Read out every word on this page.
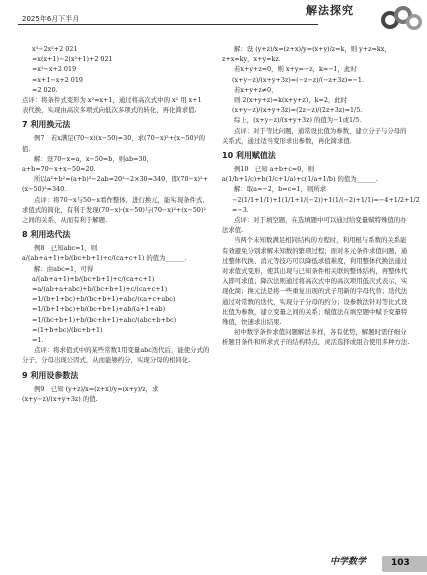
2025年6月下半月
解法探究

x³−2x²+2 021

=x(x+1)−2(x²+1)+2 021

=x²−x+2 019

=x+1−x+2 019

=2 020.

点评：将条件式变形为 x²=x+1，通过将高次式中的 x² 用 x+1 表代换，实现由高次多项式向低次多项式的转化，再化简求值.

7 利用换元法

例7　若x满足(70−x)(x−50)=30，求(70−x)²+(x−50)²的值.

解：设70−x=a，x−50=b，则ab=30，a+b=70−x+x−50=20.

所以a²+b²=(a+b)²−2ab=20²−2×30=340，即(70−x)²+(x−50)²=340.

点评：将70−x与50−x看作整体，进行换元，能实现条件式、求值式的简化，有利于发现(70−x)·(x−50)与(70−x)²+(x−50)²之间的关系，从而有利于解题.

8 利用迭代法

例8　已知abc=1，则 a/(ab+a+1)+b/(bc+b+1)+c/(ca+c+1) 的值为______.

解：由abc=1，可得

a/(ab+a+1)+b/(bc+b+1)+c/(ca+c+1)

=a/(ab+a+abc)+b/(bc+b+1)+c/(ca+c+1)

=1/(b+1+bc)+b/(bc+b+1)+abc/(ca+c+abc)

=1/(b+1+bc)+b/(bc+b+1)+ab/(a+1+ab)

=1/(bc+b+1)+b/(bc+b+1)+abc/(abc+b+bc)

=(1+b+bc)/(bc+b+1)

=1.

点评：将求值式中的某些常数1用变量abc迭代后，能使分式的分子、分母出现公因式，从而能够约分，实现分母的相同化.

9 利用设参数法

例9　已知 (y+z)/x=(z+x)/y=(x+y)/z，求 (x+y−z)/(x+y+3z) 的值.

解：设 (y+z)/x=(z+x)/y=(x+y)/z=k，则 y+z=kx，z+x=ky，x+y=kz.

若x+y+z=0，则 x+y=−z，k=−1，此时

(x+y−z)/(x+y+3z)=(−z−z)/(−z+3z)=−1.

若x+y+z≠0，

则 2(x+y+z)=k(x+y+z)，k=2，此时

(x+y−z)/(x+y+3z)=(2z−z)/(2z+3z)=1/5.

综上，(x+y−z)/(x+y+3z) 的值为−1或1/5.

点评：对于等比问题，通常设比值为参数，建立分子与分母的关系式，通过适当变形求出参数，再化简求值.

10 利用赋值法

例10　已知 a+b+c=0，则 a(1/b+1/c)+b(1/c+1/a)+c(1/a+1/b) 的值为______.

解：取a=−2，b=c=1，则所求

−2(1/1+1/1)+1(1/1+1/(−2))+1(1/(−2)+1/1)=−4+1/2+1/2

=−3.

点评：对于填空题，在选填题中可以通过给变量赋特殊值的办法求值.

当两个未知数满足相同结构的方程时，利用根与系数的关系能有效避免分别求解未知数的繁琐过程；面对多元条件求值问题，通过整体代换、消元等技巧可以降低求值难度，利用整体代换法通过对求值式变形，使其出现与已知条件相关联的整体结构，再整体代入即可求值；降次法则通过将高次式中的高次项用低次式表示，实现化简；换元法是将一些重复出现的式子用新的字母代替；迭代法通过对常数的迭代，实现分子分母的约分；设参数法针对等比式设比值为参数，建立变量之间的关系；赋值法在填空题中赋予变量特殊值，快速求出结果.

初中数学条件求值问题解法多样，各有优势，解题时需仔细分析题目条件和所求式子的结构特点，灵活选择或组合使用多种方法.

中学数学	103
